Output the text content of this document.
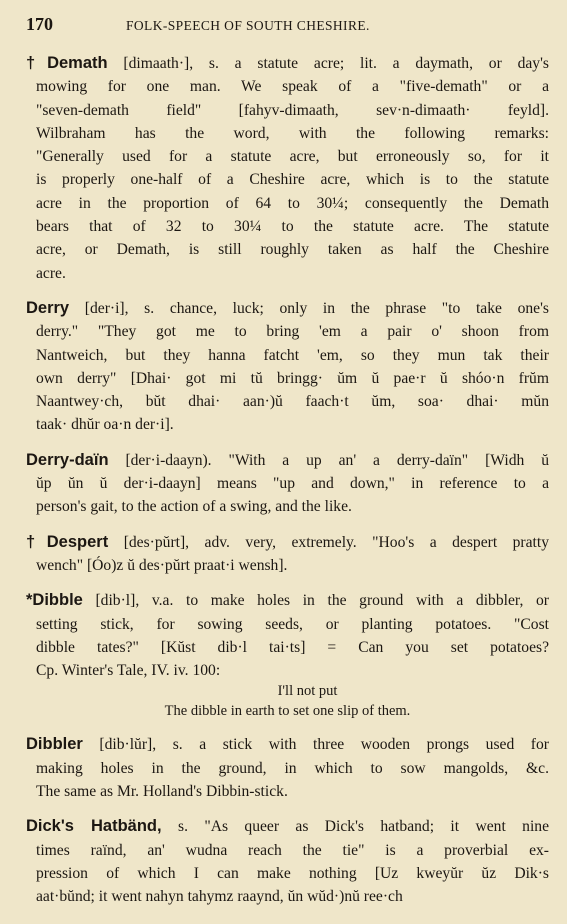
170	FOLK-SPEECH OF SOUTH CHESHIRE.
†Demath [dimaath·], s. a statute acre; lit. a daymath, or day's
mowing for one man. We speak of a "five-demath" or a
"seven-demath field" [fahyv-dimaath, sev·n-dimaath· feyld].
Wilbraham has the word, with the following remarks:
"Generally used for a statute acre, but erroneously so, for it
is properly one-half of a Cheshire acre, which is to the statute
acre in the proportion of 64 to 30¼; consequently the Demath
bears that of 32 to 30¼ to the statute acre. The statute
acre, or Demath, is still roughly taken as half the Cheshire
acre.
Derry [der·i], s. chance, luck; only in the phrase "to take one's
derry." "They got me to bring 'em a pair o' shoon from
Nantweich, but they hanna fatcht 'em, so they mun tak their
own derry" [Dhai· got mi tŭ bringg· ŭm ŭ pae·r ŭ shóo·n frŭm
Naantwey·ch, bŭt dhai· aan·)ŭ faach·t ŭm, soa· dhai· mŭn
taak· dhŭr oa·n der·i].
Derry-daïn [der·i-daayn). "With a up an' a derry-daïn" [Widh ŭ
ŭp ŭn ŭ der·i-daayn] means "up and down," in reference to a
person's gait, to the action of a swing, and the like.
†Despert [des·pŭrt], adv. very, extremely. "Hoo's a despert pratty
wench" [Óo)z ŭ des·pŭrt praat·i wensh].
*Dibble [dib·l], v.a. to make holes in the ground with a dibbler, or
setting stick, for sowing seeds, or planting potatoes. "Cost
dibble tates?" [Kŭst dib·l tai·ts] = Can you set potatoes?
Cp. Winter's Tale, IV. iv. 100:
I'll not put
The dibble in earth to set one slip of them.
Dibbler [dib·lŭr], s. a stick with three wooden prongs used for
making holes in the ground, in which to sow mangolds, &c.
The same as Mr. Holland's Dibbin-stick.
Dick's Hatbänd, s. "As queer as Dick's hatband; it went nine
times raïnd, an' wudna reach the tie" is a proverbial ex-
pression of which I can make nothing [Uz kweyŭr ŭz Dik·s
aat·bŭnd; it went nahyn tahymz raaynd, ŭn wŭd·)nŭ ree·ch
